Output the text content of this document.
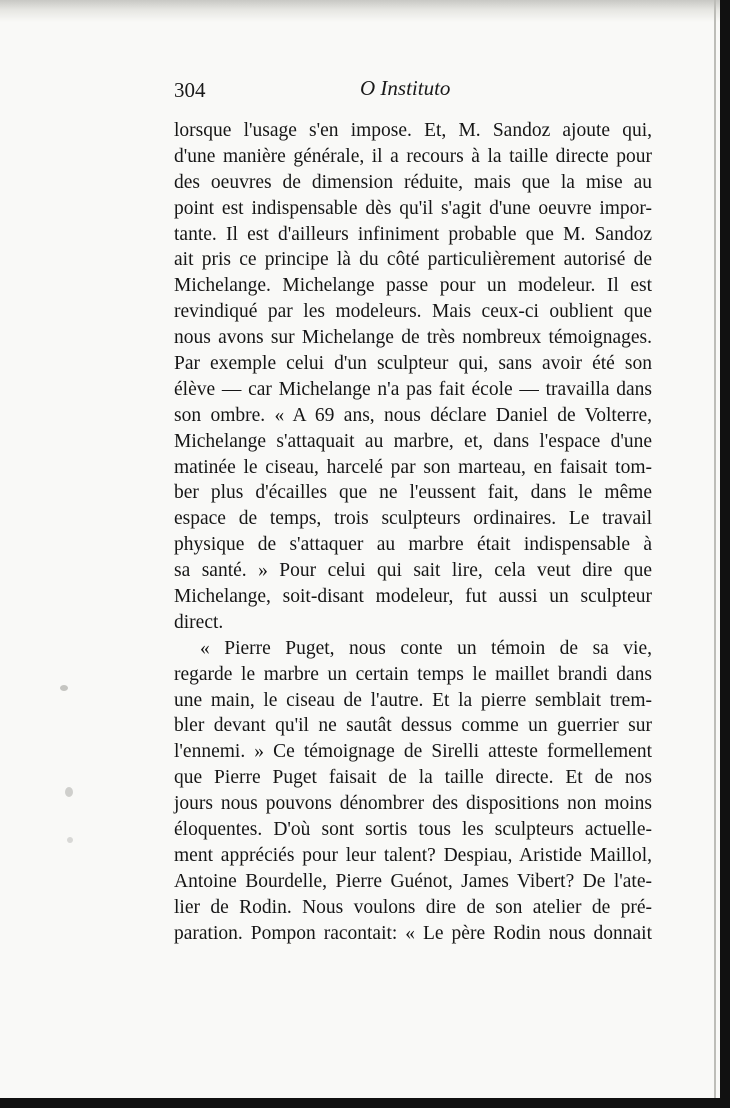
304	O Instituto
lorsque l'usage s'en impose. Et, M. Sandoz ajoute qui,
d'une manière générale, il a recours à la taille directe pour
des oeuvres de dimension réduite, mais que la mise au
point est indispensable dès qu'il s'agit d'une oeuvre impor-
tante. Il est d'ailleurs infiniment probable que M. Sandoz
ait pris ce principe là du côté particulièrement autorisé de
Michelange. Michelange passe pour un modeleur. Il est
revindiqué par les modeleurs. Mais ceux-ci oublient que
nous avons sur Michelange de très nombreux témoignages.
Par exemple celui d'un sculpteur qui, sans avoir été son
élève — car Michelange n'a pas fait école — travailla dans
son ombre. « A 69 ans, nous déclare Daniel de Volterre,
Michelange s'attaquait au marbre, et, dans l'espace d'une
matinée le ciseau, harcelé par son marteau, en faisait tom-
ber plus d'écailles que ne l'eussent fait, dans le même
espace de temps, trois sculpteurs ordinaires. Le travail
physique de s'attaquer au marbre était indispensable à
sa santé. » Pour celui qui sait lire, cela veut dire que
Michelange, soit-disant modeleur, fut aussi un sculpteur
direct.
« Pierre Puget, nous conte un témoin de sa vie,
regarde le marbre un certain temps le maillet brandi dans
une main, le ciseau de l'autre. Et la pierre semblait trem-
bler devant qu'il ne sautât dessus comme un guerrier sur
l'ennemi. » Ce témoignage de Sirelli atteste formellement
que Pierre Puget faisait de la taille directe. Et de nos
jours nous pouvons dénombrer des dispositions non moins
éloquentes. D'où sont sortis tous les sculpteurs actuelle-
ment appréciés pour leur talent? Despiau, Aristide Maillol,
Antoine Bourdelle, Pierre Guénot, James Vibert? De l'ate-
lier de Rodin. Nous voulons dire de son atelier de pré-
paration. Pompon racontait: « Le père Rodin nous donnait
